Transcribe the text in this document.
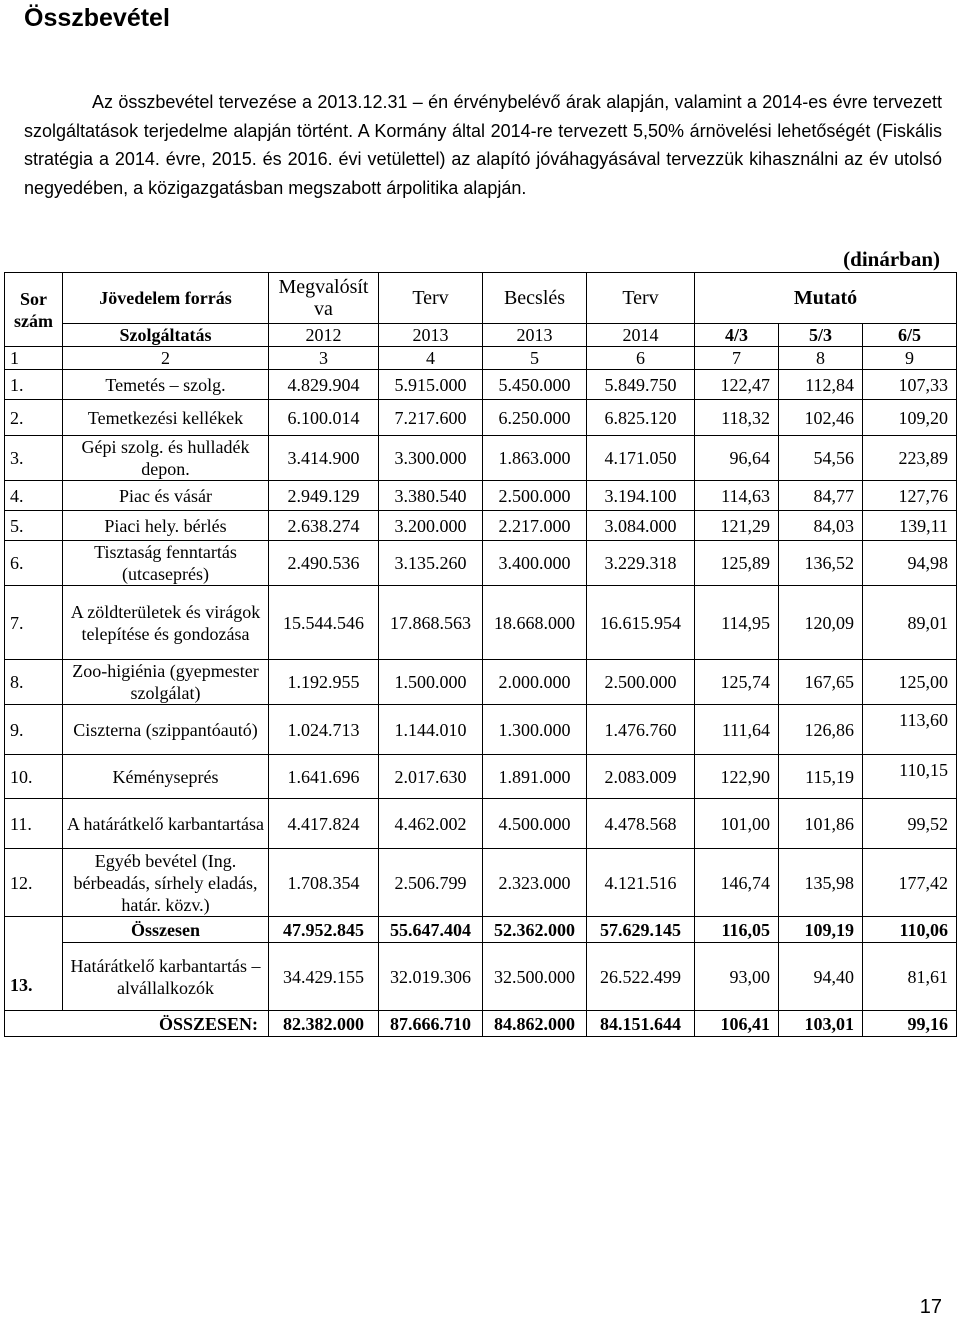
Összbevétel

Az összbevétel tervezése a 2013.12.31 – én érvénybelévő árak alapján, valamint a 2014-es évre tervezett szolgáltatások terjedelme alapján történt. A Kormány által 2014-re tervezett 5,50% árnövelési lehetőségét (Fiskális stratégia a 2014. évre, 2015. és 2016. évi vetülettel) az alapító jóváhagyásával tervezzük kihasználni az év utolsó negyedében, a közigazgatásban megszabott árpolitika alapján.

(dinárban)
Sor szám	Jövedelem forrás	Megvalósít va	Terv	Becslés	Terv	Mutató		
	Szolgáltatás	2012	2013	2013	2014	4/3	5/3	6/5
1	2	3	4	5	6	7	8	9
1.	Temetés – szolg.	4.829.904	5.915.000	5.450.000	5.849.750	122,47	112,84	107,33
2.	Temetkezési kellékek	6.100.014	7.217.600	6.250.000	6.825.120	118,32	102,46	109,20
3.	Gépi szolg. és hulladék depon.	3.414.900	3.300.000	1.863.000	4.171.050	96,64	54,56	223,89
4.	Piac és vásár	2.949.129	3.380.540	2.500.000	3.194.100	114,63	84,77	127,76
5.	Piaci hely. bérlés	2.638.274	3.200.000	2.217.000	3.084.000	121,29	84,03	139,11
6.	Tisztaság fenntartás (utcaseprés)	2.490.536	3.135.260	3.400.000	3.229.318	125,89	136,52	94,98
7.	A zöldterületek és virágok telepítése és gondozása	15.544.546	17.868.563	18.668.000	16.615.954	114,95	120,09	89,01
8.	Zoo-higiénia (gyepmester szolgálat)	1.192.955	1.500.000	2.000.000	2.500.000	125,74	167,65	125,00
9.	Ciszterna (szippantóautó)	1.024.713	1.144.010	1.300.000	1.476.760	111,64	126,86	113,60
10.	Kéményseprés	1.641.696	2.017.630	1.891.000	2.083.009	122,90	115,19	110,15
11.	A határátkelő karbantartása	4.417.824	4.462.002	4.500.000	4.478.568	101,00	101,86	99,52
12.	Egyéb bevétel (Ing. bérbeadás, sírhely eladás, határ. közv.)	1.708.354	2.506.799	2.323.000	4.121.516	146,74	135,98	177,42
13.	Összesen	47.952.845	55.647.404	52.362.000	57.629.145	116,05	109,19	110,06
	Határátkelő karbantartás – alvállalkozók	34.429.155	32.019.306	32.500.000	26.522.499	93,00	94,40	81,61
ÖSSZESEN:		82.382.000	87.666.710	84.862.000	84.151.644	106,41	103,01	99,16
17
